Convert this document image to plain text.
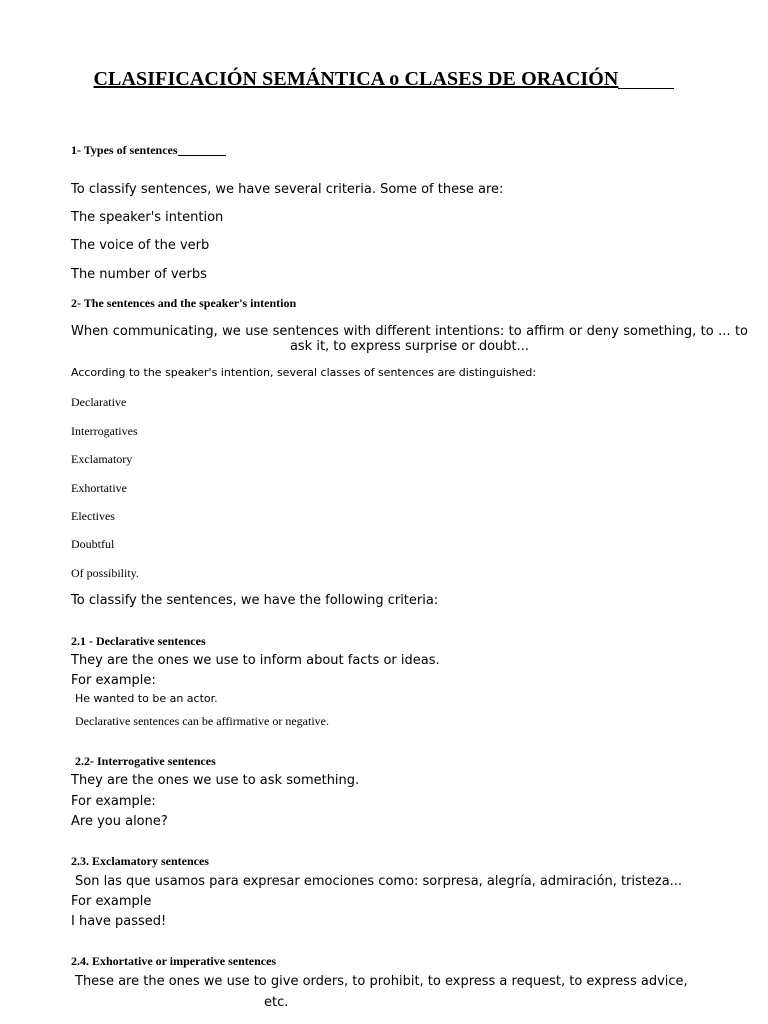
CLASIFICACIÓN SEMÁNTICA o CLASES DE ORACIÓN
1- Types of sentences
To classify sentences, we have several criteria. Some of these are:
The speaker's intention
The voice of the verb
The number of verbs
2- The sentences and the speaker's intention
When communicating, we use sentences with different intentions: to affirm or deny something, to ... to ask it, to express surprise or doubt...
According to the speaker's intention, several classes of sentences are distinguished:
Declarative
Interrogatives
Exclamatory
Exhortative
Electives
Doubtful
Of possibility.
To classify the sentences, we have the following criteria:
2.1 - Declarative sentences
They are the ones we use to inform about facts or ideas.
For example:
He wanted to be an actor.
Declarative sentences can be affirmative or negative.
2.2- Interrogative sentences
They are the ones we use to ask something.
For example:
Are you alone?
2.3. Exclamatory sentences
Son las que usamos para expresar emociones como: sorpresa, alegría, admiración, tristeza...
For example
I have passed!
2.4. Exhortative or imperative sentences
These are the ones we use to give orders, to prohibit, to express a request, to express advice,
etc.
